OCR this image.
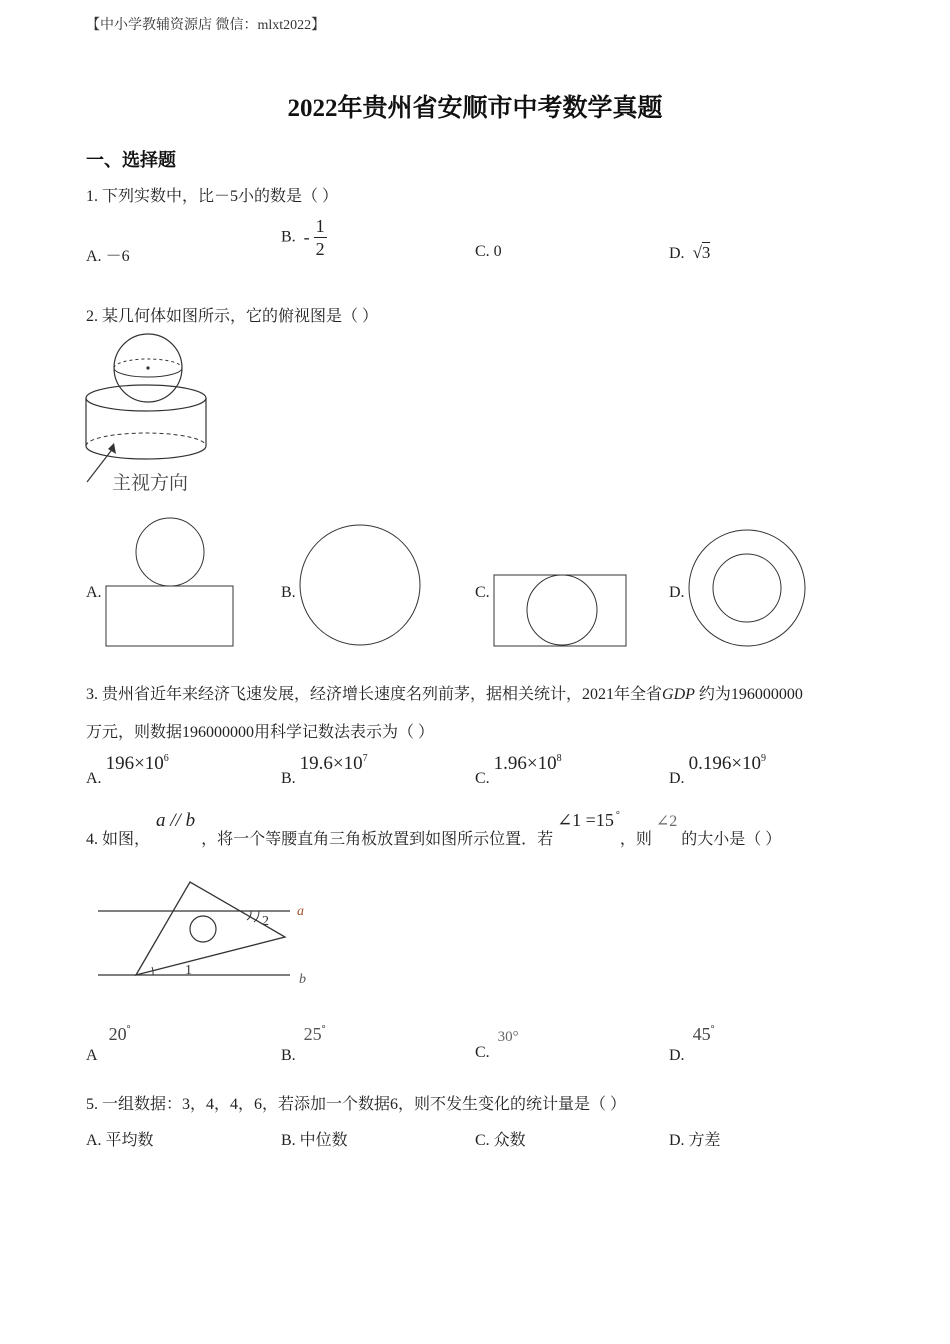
【中小学教辅资源店 微信：mlxt2022】
2022年贵州省安顺市中考数学真题
一、选择题
1. 下列实数中，比－5小的数是（ ）
A. －6
B. - $\frac{1}{2}$	C. 0	D. √3
2. 某几何体如图所示，它的俯视图是（ ）
主视方向
A.	B.	C.	D.
3. 贵州省近年来经济飞速发展，经济增长速度名列前茅，据相关统计，2021年全省GDP 约为196000000
万元，则数据196000000用科学记数法表示为（ ）
A. $196\times 10^6$
B. $19.6\times 10^7$
C. $1.96\times 10^8$
D. $0.196\times 10^9$
4. 如图，a // b，将一个等腰直角三角板放置到如图所示位置．若∠1 =15 °，则∠2的大小是（ ）
a
b
1
2
A 20°
B. 25°
C. 30°
D. 45°
5. 一组数据：3，4，4，6，若添加一个数据6，则不发生变化的统计量是（ ）
A. 平均数	B. 中位数	C. 众数	D. 方差
